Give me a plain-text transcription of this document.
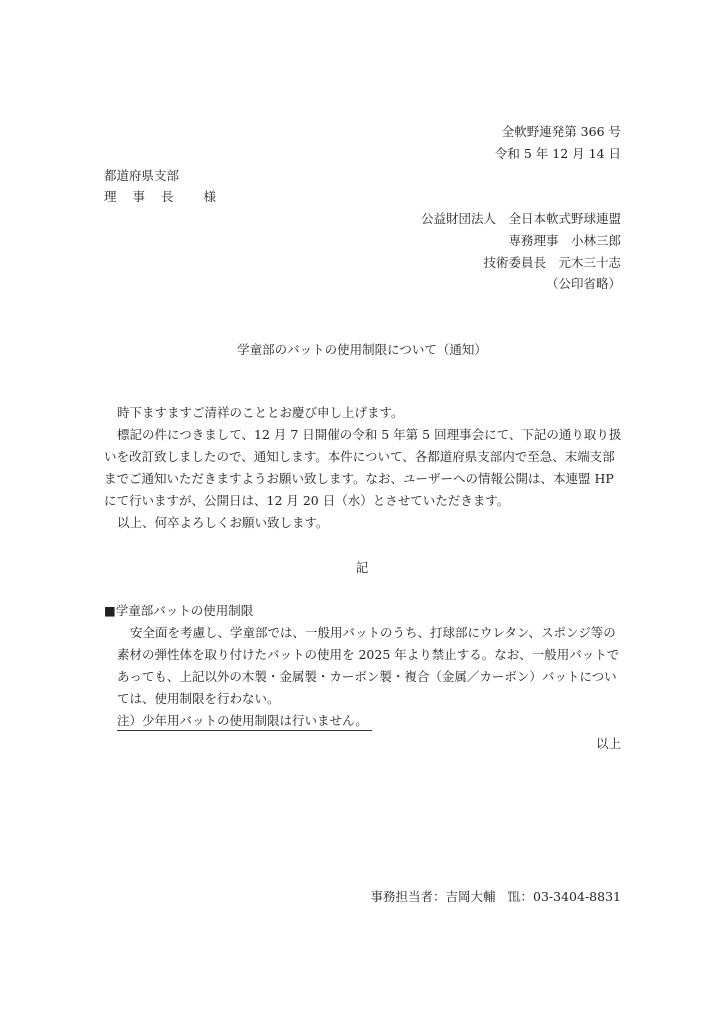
全軟野連発第 366 号
令和 5 年 12 月 14 日
都道府県支部
理 事 長 様
公益財団法人　全日本軟式野球連盟
専務理事　小林三郎
技術委員長　元木三十志
（公印省略）
学童部のバットの使用制限について（通知）
時下ますますご清祥のこととお慶び申し上げます。
標記の件につきまして、12 月 7 日開催の令和 5 年第 5 回理事会にて、下記の通り取り扱
いを改訂致しましたので、通知します。本件について、各都道府県支部内で至急、末端支部
までご通知いただきますようお願い致します。なお、ユーザーへの情報公開は、本連盟 HP
にて行いますが、公開日は、12 月 20 日（水）とさせていただきます。
以上、何卒よろしくお願い致します。
記
■学童部バットの使用制限
安全面を考慮し、学童部では、一般用バットのうち、打球部にウレタン、スポンジ等の
素材の弾性体を取り付けたバットの使用を 2025 年より禁止する。なお、一般用バットで
あっても、上記以外の木製・金属製・カーボン製・複合（金属／カーボン）バットについ
ては、使用制限を行わない。
注）少年用バットの使用制限は行いません。
以上
事務担当者：吉岡大輔　℡：03-3404-8831
